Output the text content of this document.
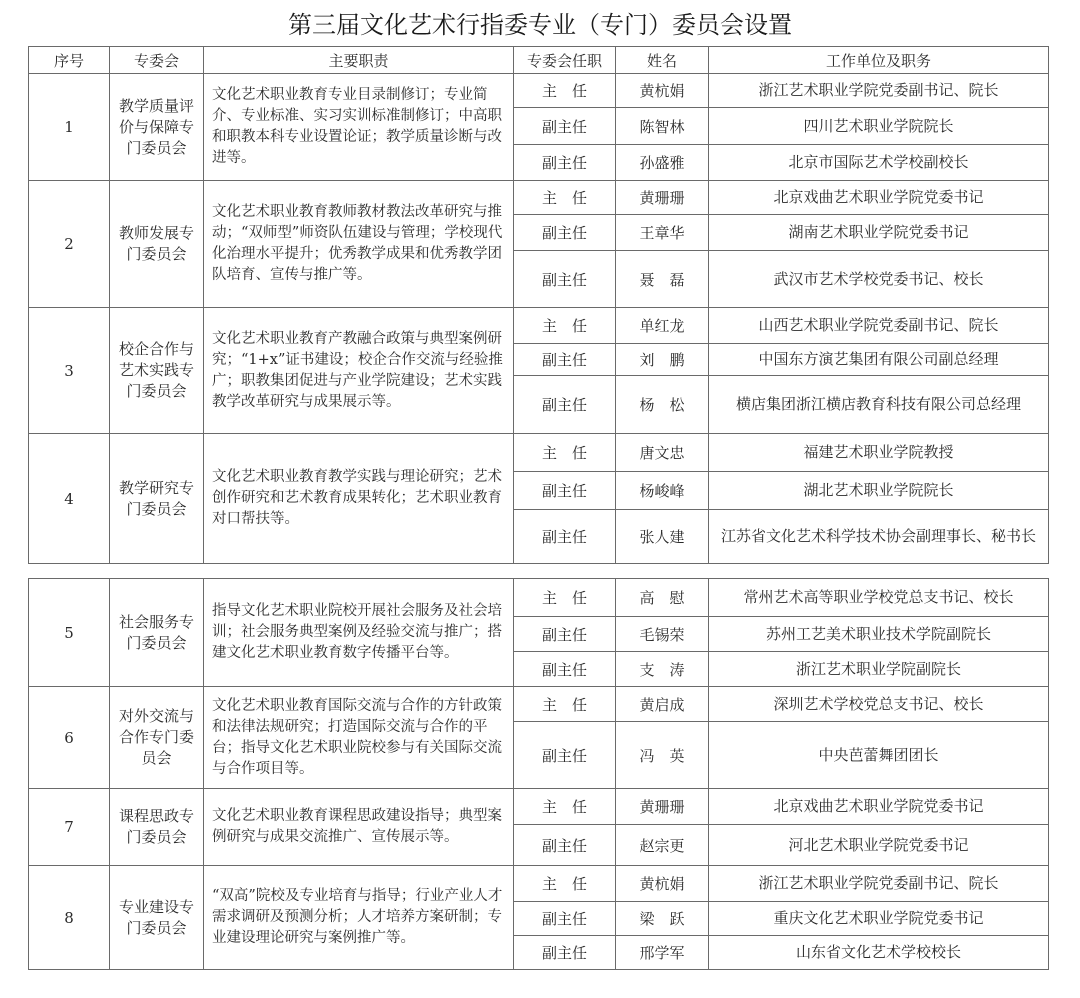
第三届文化艺术行指委专业（专门）委员会设置
序号	专委会	主要职责	专委会任职	姓名	工作单位及职务
1	教学质量评价与保障专门委员会	文化艺术职业教育专业目录制修订；专业简介、专业标准、实习实训标准制修订；中高职和职教本科专业设置论证；教学质量诊断与改进等。	主　任	黄杭娟	浙江艺术职业学院党委副书记、院长
			副主任	陈智林	四川艺术职业学院院长
			副主任	孙盛雅	北京市国际艺术学校副校长
2	教师发展专门委员会	文化艺术职业教育教师教材教法改革研究与推动；“双师型”师资队伍建设与管理；学校现代化治理水平提升；优秀教学成果和优秀教学团队培育、宣传与推广等。	主　任	黄珊珊	北京戏曲艺术职业学院党委书记
			副主任	王章华	湖南艺术职业学院党委书记
			副主任	聂　磊	武汉市艺术学校党委书记、校长
3	校企合作与艺术实践专门委员会	文化艺术职业教育产教融合政策与典型案例研究；“1+x”证书建设；校企合作交流与经验推广；职教集团促进与产业学院建设；艺术实践教学改革研究与成果展示等。	主　任	单红龙	山西艺术职业学院党委副书记、院长
			副主任	刘　鹏	中国东方演艺集团有限公司副总经理
			副主任	杨　松	横店集团浙江横店教育科技有限公司总经理
4	教学研究专门委员会	文化艺术职业教育教学实践与理论研究；艺术创作研究和艺术教育成果转化；艺术职业教育对口帮扶等。	主　任	唐文忠	福建艺术职业学院教授
			副主任	杨峻峰	湖北艺术职业学院院长
			副主任	张人建	江苏省文化艺术科学技术协会副理事长、秘书长
5	社会服务专门委员会	指导文化艺术职业院校开展社会服务及社会培训；社会服务典型案例及经验交流与推广；搭建文化艺术职业教育数字传播平台等。	主　任	高　慰	常州艺术高等职业学校党总支书记、校长
			副主任	毛锡荣	苏州工艺美术职业技术学院副院长
			副主任	支　涛	浙江艺术职业学院副院长
6	对外交流与合作专门委员会	文化艺术职业教育国际交流与合作的方针政策和法律法规研究；打造国际交流与合作的平台；指导文化艺术职业院校参与有关国际交流与合作项目等。	主　任	黄启成	深圳艺术学校党总支书记、校长
			副主任	冯　英	中央芭蕾舞团团长
7	课程思政专门委员会	文化艺术职业教育课程思政建设指导；典型案例研究与成果交流推广、宣传展示等。	主　任	黄珊珊	北京戏曲艺术职业学院党委书记
			副主任	赵宗更	河北艺术职业学院党委书记
8	专业建设专门委员会	“双高”院校及专业培育与指导；行业产业人才需求调研及预测分析；人才培养方案研制；专业建设理论研究与案例推广等。	主　任	黄杭娟	浙江艺术职业学院党委副书记、院长
			副主任	梁　跃	重庆文化艺术职业学院党委书记
			副主任	邢学军	山东省文化艺术学校校长
